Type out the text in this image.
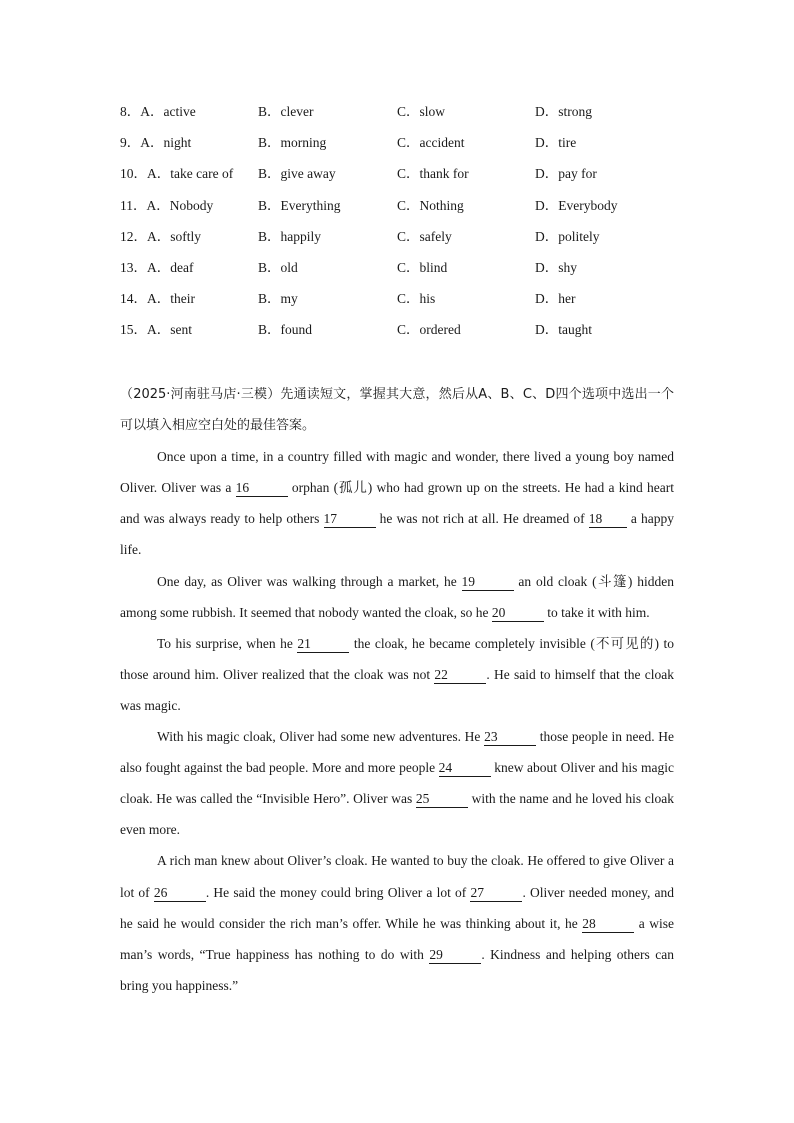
8．A．active	B．clever	C．slow	D．strong
9．A．night	B．morning	C．accident	D．tire
10．A．take care of B．give away	C．thank for	D．pay for
11．A．Nobody	B．Everything	C．Nothing	D．Everybody
12．A．softly	B．happily	C．safely	D．politely
13．A．deaf	B．old	C．blind	D．shy
14．A．their	B．my	C．his	D．her
15．A．sent	B．found	C．ordered	D．taught

（2025·河南驻马店·三模）先通读短文，掌握其大意，然后从A、B、C、D四个选项中选出一个可以填入相应空白处的最佳答案。

Once upon a time, in a country filled with magic and wonder, there lived a young boy named Oliver. Oliver was a 16	orphan (孤儿) who had grown up on the streets. He had a kind heart and was always ready to help others 17	he was not rich at all. He dreamed of 18 a happy life.

One day, as Oliver was walking through a market, he 19	an old cloak (斗篷) hidden among some rubbish. It seemed that nobody wanted the cloak, so he 20	to take it with him.

To his surprise, when he 21	the cloak, he became completely invisible (不可见的) to those around him. Oliver realized that the cloak was not 22	. He said to himself that the cloak was magic.

With his magic cloak, Oliver had some new adventures. He 23	those people in need. He also fought against the bad people. More and more people 24	knew about Oliver and his magic cloak. He was called the “Invisible Hero”. Oliver was 25	with the name and he loved his cloak even more.

A rich man knew about Oliver’s cloak. He wanted to buy the cloak. He offered to give Oliver a lot of 26	. He said the money could bring Oliver a lot of 27	. Oliver needed money, and he said he would consider the rich man’s offer. While he was thinking about it, he 28	a wise man’s words, “True happiness has nothing to do with 29	. Kindness and helping others can bring you happiness.”
